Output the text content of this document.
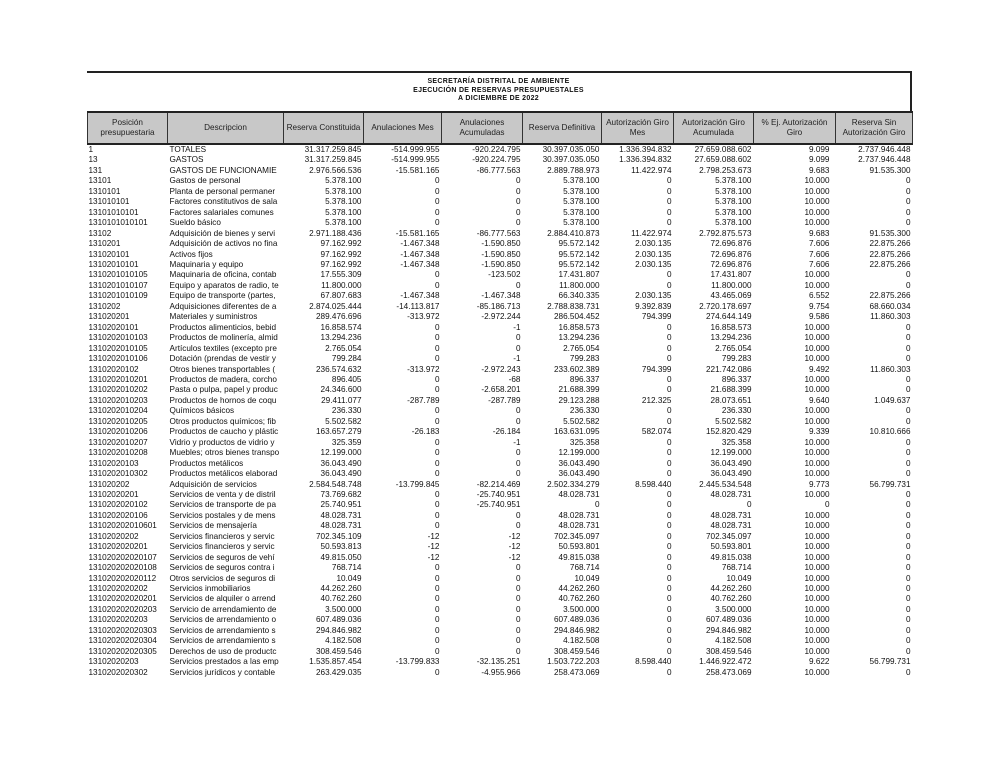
SECRETARÍA DISTRITAL DE AMBIENTE
EJECUCIÓN DE RESERVAS PRESUPUESTALES
A DICIEMBRE DE 2022
Posición presupuestaria	Descripcion	Reserva Constituida	Anulaciones Mes	Anulaciones Acumuladas	Reserva Definitiva	Autorización Giro Mes	Autorización Giro Acumulada	% Ej. Autorización Giro	Reserva Sin Autorización Giro
1	TOTALES	31.317.259.845	-514.999.955	-920.224.795	30.397.035.050	1.336.394.832	27.659.088.602	9.099	2.737.946.448
13	GASTOS	31.317.259.845	-514.999.955	-920.224.795	30.397.035.050	1.336.394.832	27.659.088.602	9.099	2.737.946.448
131	GASTOS DE FUNCIONAMIE	2.976.566.536	-15.581.165	-86.777.563	2.889.788.973	11.422.974	2.798.253.673	9.683	91.535.300
13101	Gastos de personal	5.378.100	0	0	5.378.100	0	5.378.100	10.000	0
1310101	Planta de personal permaner	5.378.100	0	0	5.378.100	0	5.378.100	10.000	0
131010101	Factores constitutivos de sala	5.378.100	0	0	5.378.100	0	5.378.100	10.000	0
13101010101	Factores salariales comunes	5.378.100	0	0	5.378.100	0	5.378.100	10.000	0
1310101010101	Sueldo básico	5.378.100	0	0	5.378.100	0	5.378.100	10.000	0
13102	Adquisición de bienes y servi	2.971.188.436	-15.581.165	-86.777.563	2.884.410.873	11.422.974	2.792.875.573	9.683	91.535.300
1310201	Adquisición de activos no fina	97.162.992	-1.467.348	-1.590.850	95.572.142	2.030.135	72.696.876	7.606	22.875.266
131020101	Activos fijos	97.162.992	-1.467.348	-1.590.850	95.572.142	2.030.135	72.696.876	7.606	22.875.266
13102010101	Maquinaria y equipo	97.162.992	-1.467.348	-1.590.850	95.572.142	2.030.135	72.696.876	7.606	22.875.266
1310201010105	Maquinaria de oficina, contab	17.555.309	0	-123.502	17.431.807	0	17.431.807	10.000	0
1310201010107	Equipo y aparatos de radio, te	11.800.000	0	0	11.800.000	0	11.800.000	10.000	0
1310201010109	Equipo de transporte (partes,	67.807.683	-1.467.348	-1.467.348	66.340.335	2.030.135	43.465.069	6.552	22.875.266
1310202	Adquisiciones diferentes de a	2.874.025.444	-14.113.817	-85.186.713	2.788.838.731	9.392.839	2.720.178.697	9.754	68.660.034
131020201	Materiales y suministros	289.476.696	-313.972	-2.972.244	286.504.452	794.399	274.644.149	9.586	11.860.303
13102020101	Productos alimenticios, bebid	16.858.574	0	-1	16.858.573	0	16.858.573	10.000	0
1310202010103	Productos de molinería, almid	13.294.236	0	0	13.294.236	0	13.294.236	10.000	0
1310202010105	Artículos textiles (excepto pre	2.765.054	0	0	2.765.054	0	2.765.054	10.000	0
1310202010106	Dotación (prendas de vestir y	799.284	0	-1	799.283	0	799.283	10.000	0
13102020102	Otros bienes transportables (	236.574.632	-313.972	-2.972.243	233.602.389	794.399	221.742.086	9.492	11.860.303
1310202010201	Productos de madera, corcho	896.405	0	-68	896.337	0	896.337	10.000	0
1310202010202	Pasta o pulpa, papel y produc	24.346.600	0	-2.658.201	21.688.399	0	21.688.399	10.000	0
1310202010203	Productos de hornos de coqu	29.411.077	-287.789	-287.789	29.123.288	212.325	28.073.651	9.640	1.049.637
1310202010204	Químicos básicos	236.330	0	0	236.330	0	236.330	10.000	0
1310202010205	Otros productos químicos; fib	5.502.582	0	0	5.502.582	0	5.502.582	10.000	0
1310202010206	Productos de caucho y plástic	163.657.279	-26.183	-26.184	163.631.095	582.074	152.820.429	9.339	10.810.666
1310202010207	Vidrio y productos de vidrio y	325.359	0	-1	325.358	0	325.358	10.000	0
1310202010208	Muebles; otros bienes transpo	12.199.000	0	0	12.199.000	0	12.199.000	10.000	0
13102020103	Productos metálicos	36.043.490	0	0	36.043.490	0	36.043.490	10.000	0
1310202010302	Productos metálicos elaborad	36.043.490	0	0	36.043.490	0	36.043.490	10.000	0
131020202	Adquisición de servicios	2.584.548.748	-13.799.845	-82.214.469	2.502.334.279	8.598.440	2.445.534.548	9.773	56.799.731
13102020201	Servicios de venta y de distril	73.769.682	0	-25.740.951	48.028.731	0	48.028.731	10.000	0
1310202020102	Servicios de transporte de pa	25.740.951	0	-25.740.951	0	0	0	0	0
1310202020106	Servicios postales y de mens	48.028.731	0	0	48.028.731	0	48.028.731	10.000	0
131020202010601	Servicios de mensajería	48.028.731	0	0	48.028.731	0	48.028.731	10.000	0
13102020202	Servicios financieros y servic	702.345.109	-12	-12	702.345.097	0	702.345.097	10.000	0
1310202020201	Servicios financieros y servic	50.593.813	-12	-12	50.593.801	0	50.593.801	10.000	0
131020202020107	Servicios de seguros de vehí	49.815.050	-12	-12	49.815.038	0	49.815.038	10.000	0
131020202020108	Servicios de seguros contra i	768.714	0	0	768.714	0	768.714	10.000	0
131020202020112	Otros servicios de seguros di	10.049	0	0	10.049	0	10.049	10.000	0
1310202020202	Servicios inmobiliarios	44.262.260	0	0	44.262.260	0	44.262.260	10.000	0
131020202020201	Servicios de alquiler o arrend	40.762.260	0	0	40.762.260	0	40.762.260	10.000	0
131020202020203	Servicio de arrendamiento de	3.500.000	0	0	3.500.000	0	3.500.000	10.000	0
1310202020203	Servicios de arrendamiento o	607.489.036	0	0	607.489.036	0	607.489.036	10.000	0
131020202020303	Servicios de arrendamiento s	294.846.982	0	0	294.846.982	0	294.846.982	10.000	0
131020202020304	Servicios de arrendamiento s	4.182.508	0	0	4.182.508	0	4.182.508	10.000	0
131020202020305	Derechos de uso de productc	308.459.546	0	0	308.459.546	0	308.459.546	10.000	0
13102020203	Servicios prestados a las emp	1.535.857.454	-13.799.833	-32.135.251	1.503.722.203	8.598.440	1.446.922.472	9.622	56.799.731
1310202020302	Servicios jurídicos y contable	263.429.035	0	-4.955.966	258.473.069	0	258.473.069	10.000	0
